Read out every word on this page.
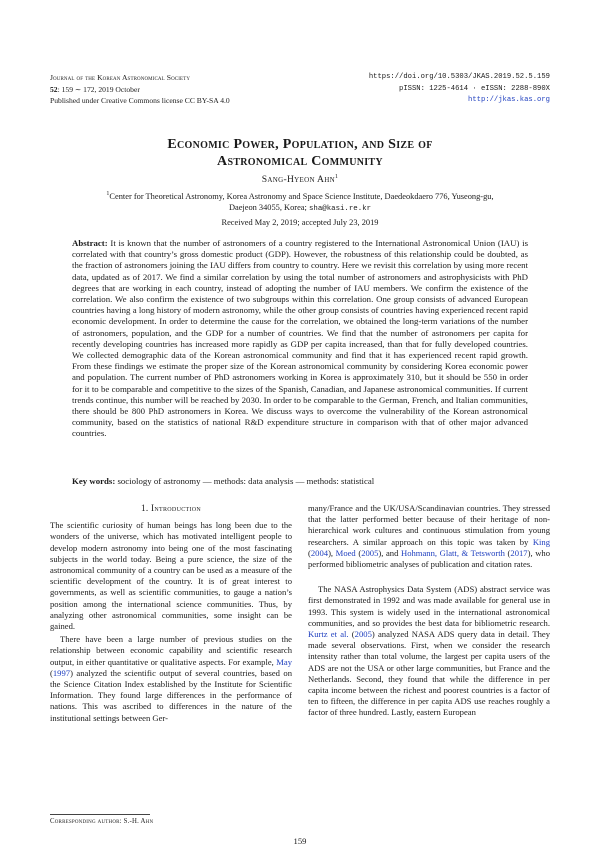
Journal of the Korean Astronomical Society
52: 159 ∼ 172, 2019 October
Published under Creative Commons license CC BY-SA 4.0
https://doi.org/10.5303/JKAS.2019.52.5.159
pISSN: 1225-4614 · eISSN: 2288-890X
http://jkas.kas.org
Economic Power, Population, and Size of
Astronomical Community
Sang-Hyeon Ahn$^1$
$^1$Center for Theoretical Astronomy, Korea Astronomy and Space Science Institute, Daedeokdaero 776, Yuseong-gu,
Daejeon 34055, Korea; sha@kasi.re.kr
Received May 2, 2019; accepted July 23, 2019
Abstract: It is known that the number of astronomers of a country registered to the International Astronomical Union (IAU) is correlated with that country’s gross domestic product (GDP). However, the robustness of this relationship could be doubted, as the fraction of astronomers joining the IAU differs from country to country. Here we revisit this correlation by using more recent data, updated as of 2017. We find a similar correlation by using the total number of astronomers and astrophysicists with PhD degrees that are working in each country, instead of adopting the number of IAU members. We confirm the existence of the correlation. We also confirm the existence of two subgroups within this correlation. One group consists of advanced European countries having a long history of modern astronomy, while the other group consists of countries having experienced recent rapid economic development. In order to determine the cause for the correlation, we obtained the long-term variations of the number of astronomers, population, and the GDP for a number of countries. We find that the number of astronomers per capita for recently developing countries has increased more rapidly as GDP per capita increased, than that for fully developed countries. We collected demographic data of the Korean astronomical community and find that it has experienced recent rapid growth. From these findings we estimate the proper size of the Korean astronomical community by considering Korea economic power and population. The current number of PhD astronomers working in Korea is approximately 310, but it should be 550 in order for it to be comparable and competitive to the sizes of the Spanish, Canadian, and Japanese astronomical communities. If current trends continue, this number will be reached by 2030. In order to be comparable to the German, French, and Italian communities, there should be 800 PhD astronomers in Korea. We discuss ways to overcome the vulnerability of the Korean astronomical community, based on the statistics of national R&D expenditure structure in comparison with that of other major advanced countries.
Key words: sociology of astronomy — methods: data analysis — methods: statistical
1. Introduction

The scientific curiosity of human beings has long been due to the wonders of the universe, which has motivated intelligent people to develop modern astronomy into being one of the most fascinating subjects in the world today. Being a pure science, the size of the astronomical community of a country can be used as a measure of the scientific development of the country. It is of great interest to governments, as well as scientific communities, to gauge a nation’s position among the international science communities. Thus, by analyzing other astronomical communities, some insight can be gained.

There have been a large number of previous studies on the relationship between economic capability and scientific research output, in either quantitative or qualitative aspects. For example, May (1997) analyzed the scientific output of several countries, based on the Science Citation Index established by the Institute for Scientific Information. They found large differences in the performance of nations. This was ascribed to differences in the nature of the institutional settings between Ger-

many/France and the UK/USA/Scandinavian countries. They stressed that the latter performed better because of their heritage of non-hierarchical work cultures and continuous stimulation from young researchers. A similar approach on this topic was taken by King (2004), Moed (2005), and Hohmann, Glatt, & Tetsworth (2017), who performed bibliometric analyses of publication and citation rates.

The NASA Astrophysics Data System (ADS) abstract service was first demonstrated in 1992 and was made available for general use in 1993. This system is widely used in the international astronomical communities, and so provides the best data for bibliometric research. Kurtz et al. (2005) analyzed NASA ADS query data in detail. They made several observations. First, when we consider the research intensity rather than total volume, the largest per capita users of the ADS are not the USA or other large communities, but France and the Netherlands. Second, they found that while the difference in per capita income between the richest and poorest countries is a factor of ten to fifteen, the difference in per capita ADS use reaches roughly a factor of three hundred. Lastly, eastern European

Corresponding author: S.-H. Ahn
159
